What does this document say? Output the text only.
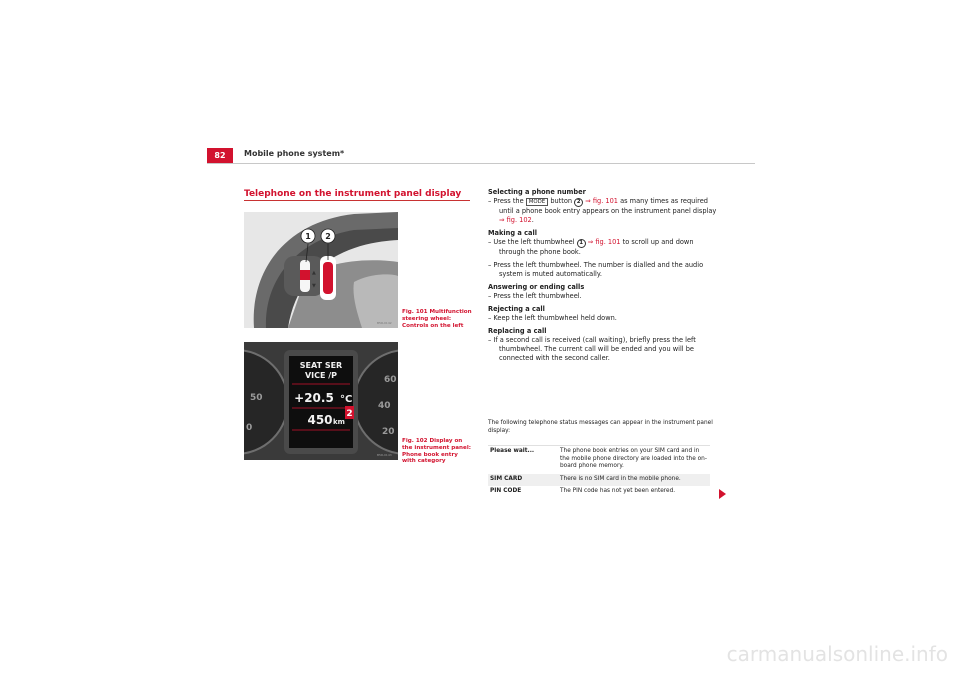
82	Mobile phone system*
Telephone on the instrument panel display
▲
▼
1 2
B5R-0142
Fig. 101 Multifunction steering wheel: Controls on the left
50
0
60
40
20
SEAT SER
VICE /P
+20.5 °C
450 km
2
B5R-0143
Fig. 102 Display on the instrument panel: Phone book entry with category
Selecting a phone number
– Press the MODE button 2 ⇒ fig. 101 as many times as required until a phone book entry appears on the instrument panel display ⇒ fig. 102.
Making a call
– Use the left thumbwheel 1 ⇒ fig. 101 to scroll up and down through the phone book.
– Press the left thumbwheel. The number is dialled and the audio system is muted automatically.
Answering or ending calls
– Press the left thumbwheel.
Rejecting a call
– Keep the left thumbwheel held down.
Replacing a call
– If a second call is received (call waiting), briefly press the left thumbwheel. The current call will be ended and you will be connected with the second caller.
The following telephone status messages can appear in the instrument panel display:
Please wait...	The phone book entries on your SIM card and in the mobile phone directory are loaded into the on-board phone memory.
SIM CARD	There is no SIM card in the mobile phone.
PIN CODE	The PIN code has not yet been entered.
carmanualsonline.info
